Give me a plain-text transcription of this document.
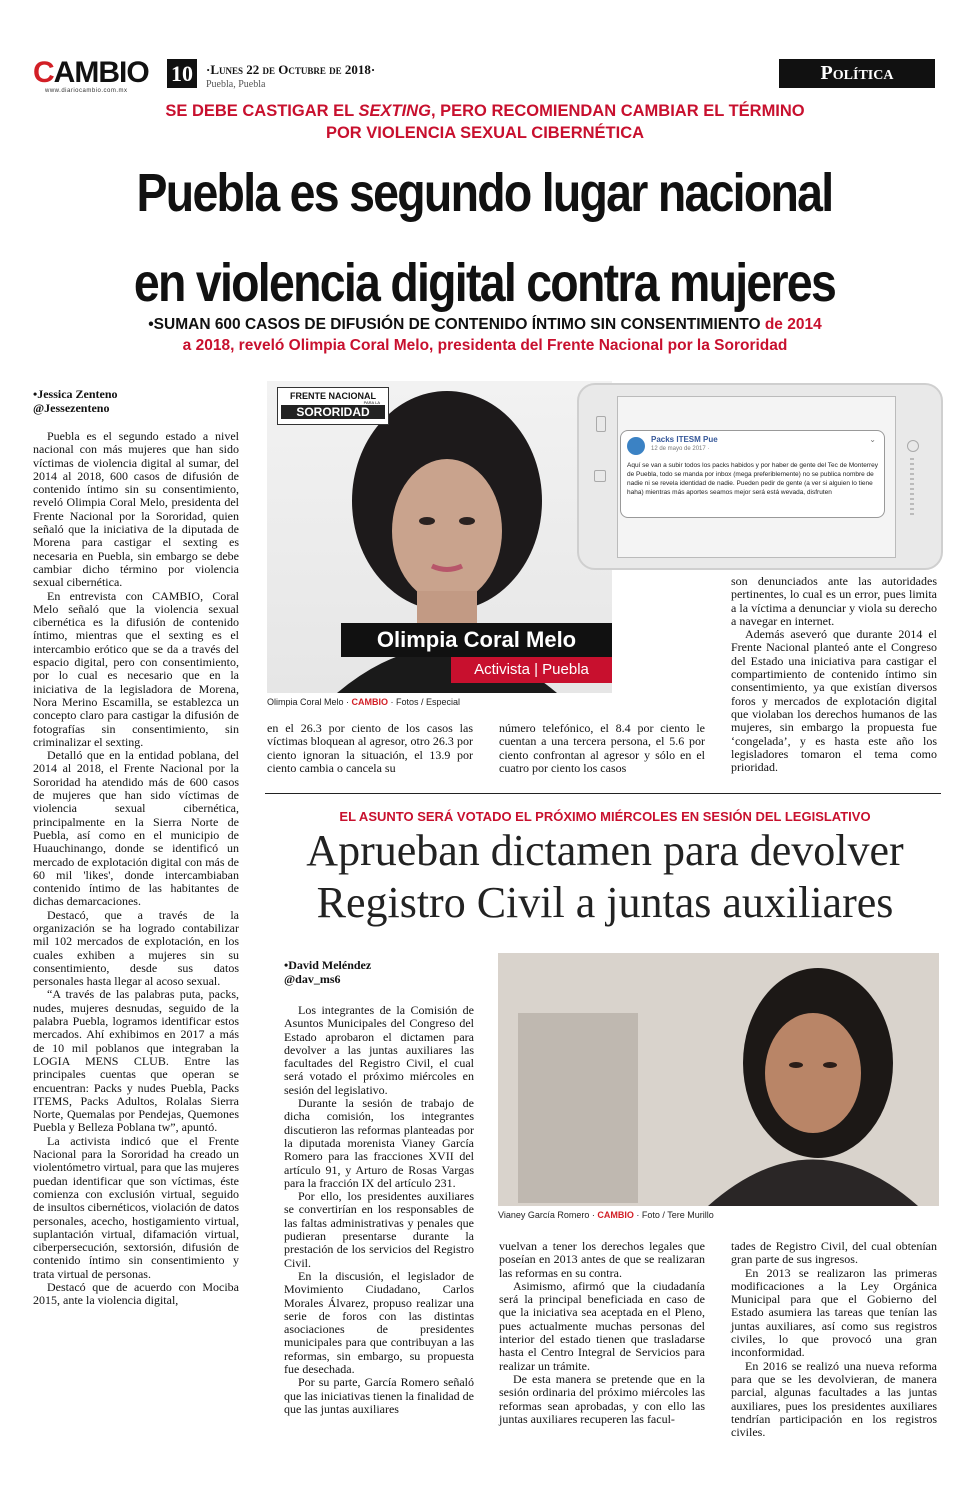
CAMBIO
www.diariocambio.com.mx
10	·Lunes 22 de Octubre de 2018·
Puebla, Puebla
Política
SE DEBE CASTIGAR EL SEXTING, PERO RECOMIENDAN CAMBIAR EL TÉRMINO
POR VIOLENCIA SEXUAL CIBERNÉTICA
Puebla es segundo lugar nacional
en violencia digital contra mujeres
•SUMAN 600 CASOS DE DIFUSIÓN DE CONTENIDO ÍNTIMO SIN CONSENTIMIENTO de 2014
a 2018, reveló Olimpia Coral Melo, presidenta del Frente Nacional por la Sororidad
•Jessica Zenteno
@Jessezenteno

Puebla es el segundo estado a nivel nacional con más mujeres que han sido víctimas de violencia digital al sumar, del 2014 al 2018, 600 casos de difusión de contenido íntimo sin su consentimiento, reveló Olimpia Coral Melo, presidenta del Frente Nacional por la Sororidad, quien señaló que la iniciativa de la diputada de Morena para castigar el sexting es necesaria en Puebla, sin embargo se debe cambiar dicho término por violencia sexual cibernética.

En entrevista con CAMBIO, Coral Melo señaló que la violencia sexual cibernética es la difusión de contenido íntimo, mientras que el sexting es el intercambio erótico que se da a través del espacio digital, pero con consentimiento, por lo cual es necesario que en la iniciativa de la legisladora de Morena, Nora Merino Escamilla, se establezca un concepto claro para castigar la difusión de fotografías sin consentimiento, sin criminalizar el sexting.

Detalló que en la entidad poblana, del 2014 al 2018, el Frente Nacional por la Sororidad ha atendido más de 600 casos de mujeres que han sido víctimas de violencia sexual cibernética, principalmente en la Sierra Norte de Puebla, así como en el municipio de Huauchinango, donde se identificó un mercado de explotación digital con más de 60 mil 'likes', donde intercambiaban contenido íntimo de las habitantes de dichas demarcaciones.

Destacó, que a través de la organización se ha logrado contabilizar mil 102 mercados de explotación, en los cuales exhiben a mujeres sin su consentimiento, desde sus datos personales hasta llegar al acoso sexual.

“A través de las palabras puta, packs, nudes, mujeres desnudas, seguido de la palabra Puebla, logramos identificar estos mercados. Ahí exhibimos en 2017 a más de 10 mil poblanos que integraban la LOGIA MENS CLUB. Entre las principales cuentas que operan se encuentran: Packs y nudes Puebla, Packs ITEMS, Packs Adultos, Rolalas Sierra Norte, Quemalas por Pendejas, Quemones Puebla y Belleza Poblana tw”, apuntó.

La activista indicó que el Frente Nacional para la Sororidad ha creado un violentómetro virtual, para que las mujeres puedan identificar que son víctimas, éste comienza con exclusión virtual, seguido de insultos cibernéticos, violación de datos personales, acecho, hostigamiento virtual, suplantación virtual, difamación virtual, ciberpersecución, sextorsión, difusión de contenido íntimo sin consentimiento y trata virtual de personas.

Destacó que de acuerdo con Mociba 2015, ante la violencia digital,

FRENTE NACIONAL
PARA LA
SORORIDAD
Olimpia Coral Melo
Activista | Puebla
Olimpia Coral Melo · CAMBIO · Fotos / Especial
Packs ITESM Pue
12 de mayo de 2017 ·
⌄
Aquí se van a subir todos los packs habidos y por haber de gente del Tec de Monterrey de Puebla, todo se manda por inbox (mega preferiblemente) no se publica nombre de nadie ni se revela identidad de nadie. Pueden pedir de gente (a ver si alguien lo tiene haha) mientras más aportes seamos mejor será está wevada, disfruten

en el 26.3 por ciento de los casos las víctimas bloquean al agresor, otro 26.3 por ciento ignoran la situación, el 13.9 por ciento cambia o cancela su

número telefónico, el 8.4 por ciento le cuentan a una tercera persona, el 5.6 por ciento confrontan al agresor y sólo en el cuatro por ciento los casos

son denunciados ante las autoridades pertinentes, lo cual es un error, pues limita a la víctima a denunciar y viola su derecho a navegar en internet.

Además aseveró que durante 2014 el Frente Nacional planteó ante el Congreso del Estado una iniciativa para castigar el compartimiento de contenido íntimo sin consentimiento, ya que existían diversos foros y mercados de explotación digital que violaban los derechos humanos de las mujeres, sin embargo la propuesta fue ‘congelada’, y es hasta este año los legisladores tomaron el tema como prioridad.

EL ASUNTO SERÁ VOTADO EL PRÓXIMO MIÉRCOLES EN SESIÓN DEL LEGISLATIVO
Aprueban dictamen para devolver
Registro Civil a juntas auxiliares
•David Meléndez
@dav_ms6

Los integrantes de la Comisión de Asuntos Municipales del Congreso del Estado aprobaron el dictamen para devolver a las juntas auxiliares las facultades del Registro Civil, el cual será votado el próximo miércoles en sesión del legislativo.

Durante la sesión de trabajo de dicha comisión, los integrantes discutieron las reformas planteadas por la diputada morenista Vianey García Romero para las fracciones XVII del artículo 91, y Arturo de Rosas Vargas para la fracción IX del artículo 231.

Por ello, los presidentes auxiliares se convertirían en los responsables de las faltas administrativas y penales que pudieran presentarse durante la prestación de los servicios del Registro Civil.

En la discusión, el legislador de Movimiento Ciudadano, Carlos Morales Álvarez, propuso realizar una serie de foros con las distintas asociaciones de presidentes municipales para que contribuyan a las reformas, sin embargo, su propuesta fue desechada.

Por su parte, García Romero señaló que las iniciativas tienen la finalidad de que las juntas auxiliares

Vianey García Romero · CAMBIO · Foto / Tere Murillo

vuelvan a tener los derechos legales que poseían en 2013 antes de que se realizaran las reformas en su contra.

Asimismo, afirmó que la ciudadanía será la principal beneficiada en caso de que la iniciativa sea aceptada en el Pleno, pues actualmente muchas personas del interior del estado tienen que trasladarse hasta el Centro Integral de Servicios para realizar un trámite.

De esta manera se pretende que en la sesión ordinaria del próximo miércoles las reformas sean aprobadas, y con ello las juntas auxiliares recuperen las facul-

tades de Registro Civil, del cual obtenían gran parte de sus ingresos.

En 2013 se realizaron las primeras modificaciones a la Ley Orgánica Municipal para que el Gobierno del Estado asumiera las tareas que tenían las juntas auxiliares, así como sus registros civiles, lo que provocó una gran inconformidad.

En 2016 se realizó una nueva reforma para que se les devolvieran, de manera parcial, algunas facultades a las juntas auxiliares, pues los presidentes auxiliares tendrían participación en los registros civiles.
